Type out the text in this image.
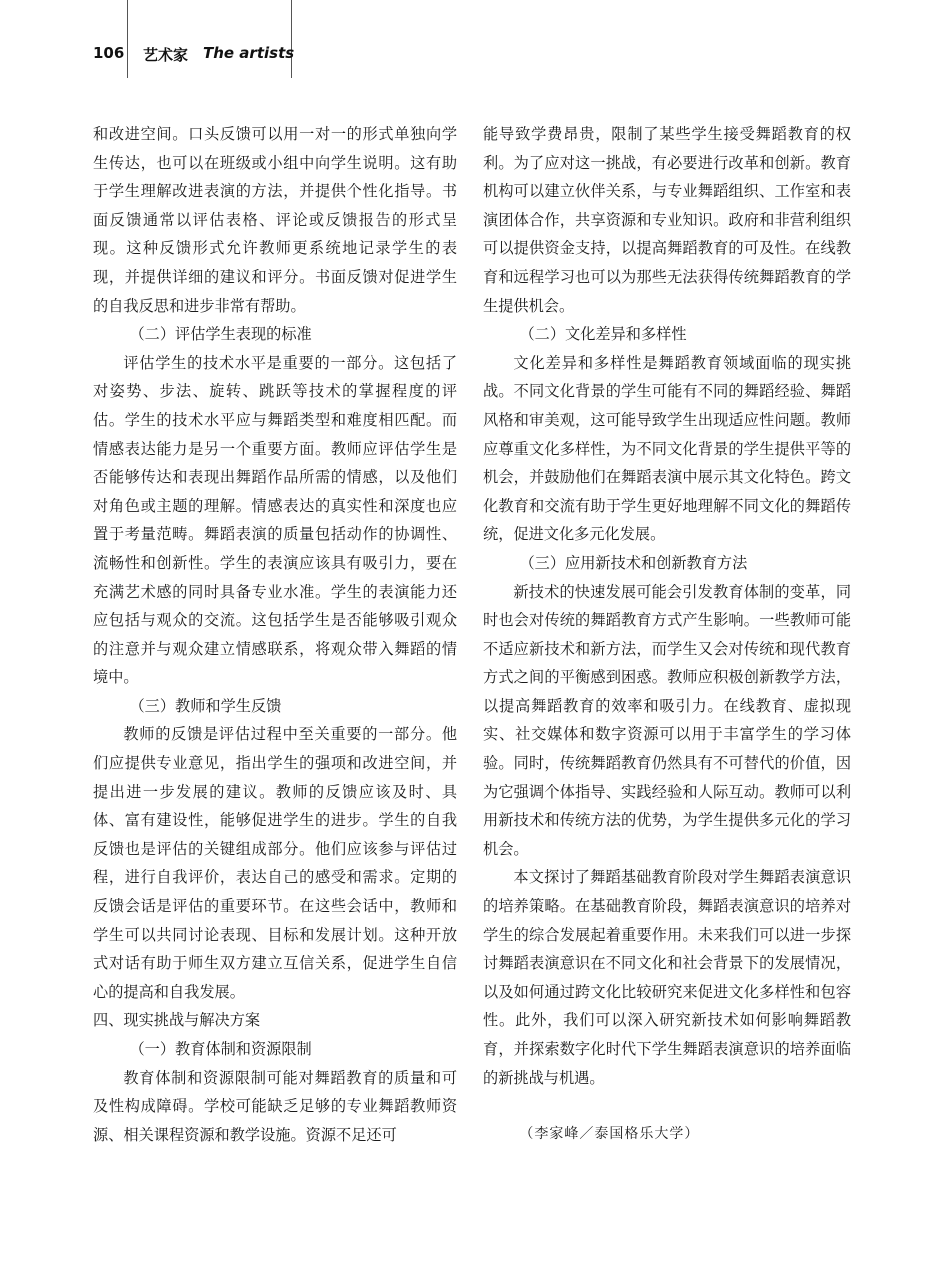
106 艺术家 The artists

和改进空间。口头反馈可以用一对一的形式单独向学生传达，也可以在班级或小组中向学生说明。这有助于学生理解改进表演的方法，并提供个性化指导。书面反馈通常以评估表格、评论或反馈报告的形式呈现。这种反馈形式允许教师更系统地记录学生的表现，并提供详细的建议和评分。书面反馈对促进学生的自我反思和进步非常有帮助。

（二）评估学生表现的标准

评估学生的技术水平是重要的一部分。这包括了对姿势、步法、旋转、跳跃等技术的掌握程度的评估。学生的技术水平应与舞蹈类型和难度相匹配。而情感表达能力是另一个重要方面。教师应评估学生是否能够传达和表现出舞蹈作品所需的情感，以及他们对角色或主题的理解。情感表达的真实性和深度也应置于考量范畴。舞蹈表演的质量包括动作的协调性、流畅性和创新性。学生的表演应该具有吸引力，要在充满艺术感的同时具备专业水准。学生的表演能力还应包括与观众的交流。这包括学生是否能够吸引观众的注意并与观众建立情感联系，将观众带入舞蹈的情境中。

（三）教师和学生反馈

教师的反馈是评估过程中至关重要的一部分。他们应提供专业意见，指出学生的强项和改进空间，并提出进一步发展的建议。教师的反馈应该及时、具体、富有建设性，能够促进学生的进步。学生的自我反馈也是评估的关键组成部分。他们应该参与评估过程，进行自我评价，表达自己的感受和需求。定期的反馈会话是评估的重要环节。在这些会话中，教师和学生可以共同讨论表现、目标和发展计划。这种开放式对话有助于师生双方建立互信关系，促进学生自信心的提高和自我发展。

四、现实挑战与解决方案

（一）教育体制和资源限制

教育体制和资源限制可能对舞蹈教育的质量和可及性构成障碍。学校可能缺乏足够的专业舞蹈教师资源、相关课程资源和教学设施。资源不足还可

能导致学费昂贵，限制了某些学生接受舞蹈教育的权利。为了应对这一挑战，有必要进行改革和创新。教育机构可以建立伙伴关系，与专业舞蹈组织、工作室和表演团体合作，共享资源和专业知识。政府和非营利组织可以提供资金支持，以提高舞蹈教育的可及性。在线教育和远程学习也可以为那些无法获得传统舞蹈教育的学生提供机会。

（二）文化差异和多样性

文化差异和多样性是舞蹈教育领域面临的现实挑战。不同文化背景的学生可能有不同的舞蹈经验、舞蹈风格和审美观，这可能导致学生出现适应性问题。教师应尊重文化多样性，为不同文化背景的学生提供平等的机会，并鼓励他们在舞蹈表演中展示其文化特色。跨文化教育和交流有助于学生更好地理解不同文化的舞蹈传统，促进文化多元化发展。

（三）应用新技术和创新教育方法

新技术的快速发展可能会引发教育体制的变革，同时也会对传统的舞蹈教育方式产生影响。一些教师可能不适应新技术和新方法，而学生又会对传统和现代教育方式之间的平衡感到困惑。教师应积极创新教学方法，以提高舞蹈教育的效率和吸引力。在线教育、虚拟现实、社交媒体和数字资源可以用于丰富学生的学习体验。同时，传统舞蹈教育仍然具有不可替代的价值，因为它强调个体指导、实践经验和人际互动。教师可以利用新技术和传统方法的优势，为学生提供多元化的学习机会。

本文探讨了舞蹈基础教育阶段对学生舞蹈表演意识的培养策略。在基础教育阶段，舞蹈表演意识的培养对学生的综合发展起着重要作用。未来我们可以进一步探讨舞蹈表演意识在不同文化和社会背景下的发展情况，以及如何通过跨文化比较研究来促进文化多样性和包容性。此外，我们可以深入研究新技术如何影响舞蹈教育，并探索数字化时代下学生舞蹈表演意识的培养面临的新挑战与机遇。

（李家峰／泰国格乐大学）
